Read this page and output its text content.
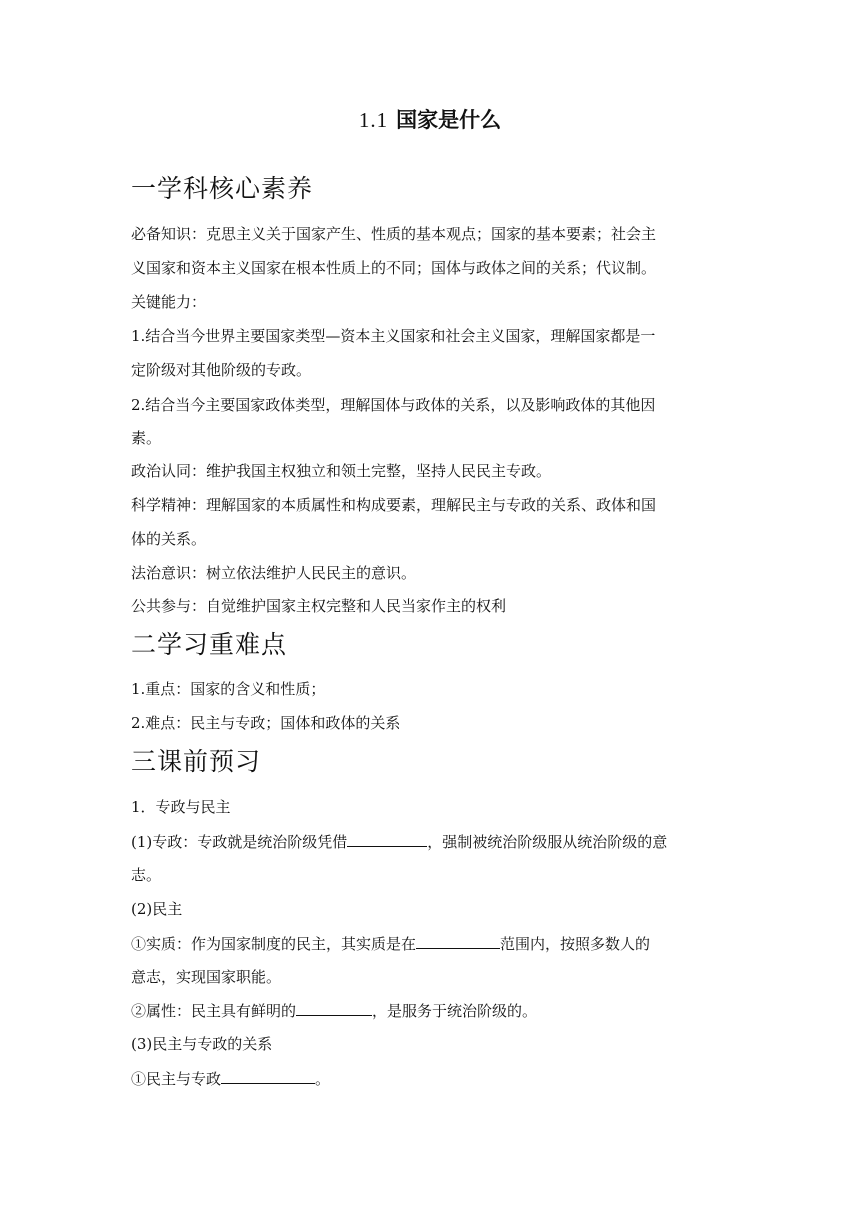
1.1 国家是什么
一学科核心素养
必备知识：克思主义关于国家产生、性质的基本观点；国家的基本要素；社会主
义国家和资本主义国家在根本性质上的不同；国体与政体之间的关系；代议制。
关键能力：
1.结合当今世界主要国家类型—资本主义国家和社会主义国家，理解国家都是一
定阶级对其他阶级的专政。
2.结合当今主要国家政体类型，理解国体与政体的关系，以及影响政体的其他因
素。
政治认同：维护我国主权独立和领土完整，坚持人民民主专政。
科学精神：理解国家的本质属性和构成要素，理解民主与专政的关系、政体和国
体的关系。
法治意识：树立依法维护人民民主的意识。
公共参与：自觉维护国家主权完整和人民当家作主的权利
二学习重难点
1.重点：国家的含义和性质；
2.难点：民主与专政；国体和政体的关系
三课前预习
1．专政与民主
(1)专政：专政就是统治阶级凭借	，强制被统治阶级服从统治阶级的意
志。
(2)民主
①实质：作为国家制度的民主，其实质是在	范围内，按照多数人的
意志，实现国家职能。
②属性：民主具有鲜明的	，是服务于统治阶级的。
(3)民主与专政的关系
①民主与专政	。
